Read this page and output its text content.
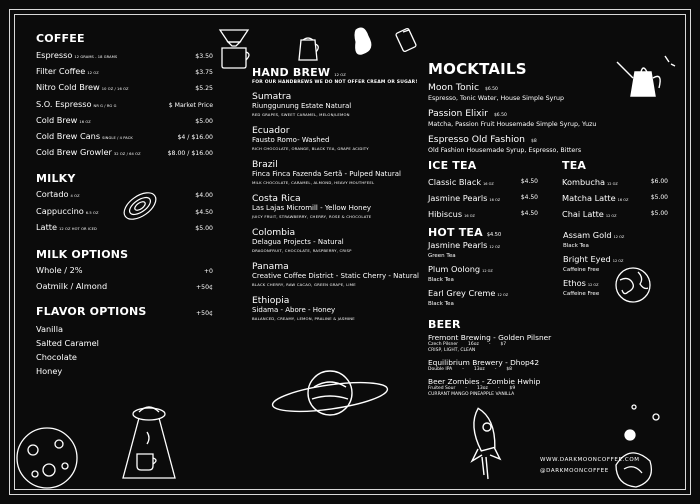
COFFEE
Espresso 12 GRAMS - 18 GRAMS	$3.50
Filter Coffee 12 OZ	$3.75
Nitro Cold Brew 10 OZ / 16 OZ	$5.25
S.O. Espresso NR G / RG G	$ Market Price
Cold Brew 16 OZ	$5.00
Cold Brew Cans SINGLE / 4 PACK	$4 / $16.00
Cold Brew Growler 32 OZ / 64 OZ	$8.00 / $16.00
MILKY
Cortado 4 OZ	$4.00
Cappuccino 6.5 OZ	$4.50
Latte 12 OZ HOT OR ICED	$5.00
MILK OPTIONS
Whole / 2%	+0
Oatmilk / Almond	+50¢
FLAVOR OPTIONS	+50¢
Vanilla
Salted Caramel
Chocolate
Honey
HAND BREW 12 OZ
FOR OUR HANDBREWS WE DO NOT OFFER CREAM OR SUGAR!
Sumatra
Riunggunung Estate Natural
RED GRAPES, SWEET CARAMEL, MELON/LEMON
Ecuador
Fausto Romo- Washed
RICH CHOCOLATE, ORANGE, BLACK TEA, GRAPE ACIDITY
Brazil
Finca Finca Fazenda Sertã - Pulped Natural
MILK CHOCOLATE, CARAMEL, ALMOND, HEAVY MOUTHFEEL
Costa Rica
Las Lajas Micromill - Yellow Honey
JUICY FRUIT, STRAWBERRY, CHERRY, ROSE & CHOCOLATE
Colombia
Delagua Projects - Natural
DRAGONFRUIT, CHOCOLATE, RASPBERRY, CRISP
Panama
Creative Coffee District - Static Cherry - Natural
BLACK CHERRY, RAW CACAO, GREEN GRAPE, LIME
Ethiopia
Sidama - Abore - Honey
BALANCED, CREAMY, LEMON, PRALINE & JASMINE
MOCKTAILS
Moon Tonic $6.50
Espresso, Tonic Water, House Simple Syrup
Passion Elixir $6.50
Matcha, Passion Fruit Housemade Simple Syrup, Yuzu
Espresso Old Fashion $8
Old Fashion Housemade Syrup, Espresso, Bitters
ICE TEA
Classic Black 16 OZ	$4.50
Jasmine Pearls 16 OZ	$4.50
Hibiscus 16 OZ	$4.50
TEA
Kombucha 12 OZ	$6.00
Matcha Latte 16 OZ	$5.00
Chai Latte 12 OZ	$5.00
HOT TEA $4.50
Jasmine Pearls 12 OZ
Green Tea
Plum Oolong 12 OZ
Black Tea
Earl Grey Creme 12 OZ
Black Tea
Assam Gold 12 OZ
Black Tea
Bright Eyed 12 OZ
Caffeine Free
Ethos 12 OZ
Caffeine Free
BEER
Fremont Brewing - Golden Pilsner
Czech Pilsner 16oz - $7
CRISP, LIGHT, CLEAN
Equilibrium Brewery - Dhop42
Double IPA - 13oz - $8
Beer Zombies - Zombie Hwhip
Fruited Sour - 13oz - $9
CURRANT MANGO PINEAPPLE VANILLA
WWW.DARKMOONCOFFEE.COM
@DARKMOONCOFFEE
